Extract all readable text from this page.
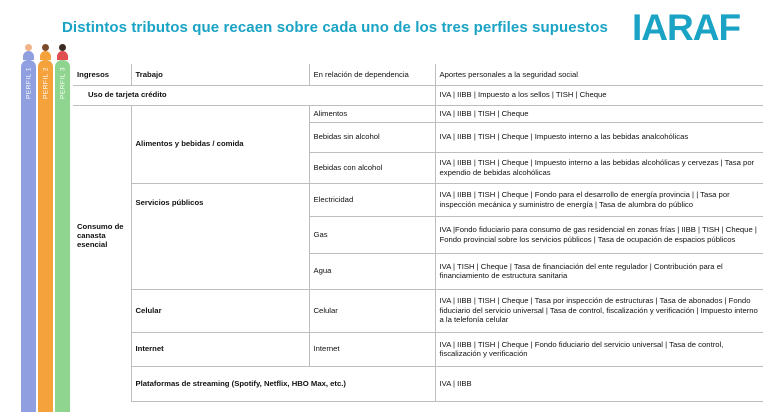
Distintos tributos que recaen sobre cada uno de los tres perfiles supuestos IARAF
PERFIL 1 PERFIL 2 PERFIL 3 Ingresos	Trabajo	En relación de dependencia	Aportes personales a la seguridad social
Uso de tarjeta crédito			IVA | IIBB | Impuesto a los sellos | TISH | Cheque
Consumo de canasta esencial	Alimentos y bebidas / comida	Alimentos	IVA | IIBB | TISH | Cheque
		Bebidas sin alcohol	IVA | IIBB | TISH | Cheque | Impuesto interno a las bebidas analcohólicas
		Bebidas con alcohol	IVA | IIBB | TISH | Cheque | Impuesto interno a las bebidas alcohólicas y cervezas | Tasa por expendio de bebidas alcohólicas
	Servicios públicos	Electricidad	IVA | IIBB | TISH | Cheque | Fondo para el desarrollo de energía provincia | | Tasa por inspección mecánica y suministro de energía | Tasa de alumbra do público
		Gas	IVA |Fondo fiduciario para consumo de gas residencial en zonas frías | IIBB | TISH | Cheque | Fondo provincial sobre los servicios públicos | Tasa de ocupación de espacios públicos
		Agua	IVA | TISH | Cheque | Tasa de financiación del ente regulador | Contribución para el financiamiento de estructura sanitaria
	Celular	Celular	IVA | IIBB | TISH | Cheque | Tasa por inspección de estructuras | Tasa de abonados | Fondo fiduciario del servicio universal | Tasa de control, fiscalización y verificación | Impuesto interno a la telefonía celular
	Internet	Internet	IVA | IIBB | TISH | Cheque | Fondo fiduciario del servicio universal | Tasa de control, fiscalización y verificación
	Plataformas de streaming (Spotify, Netflix, HBO Max, etc.)		IVA | IIBB
